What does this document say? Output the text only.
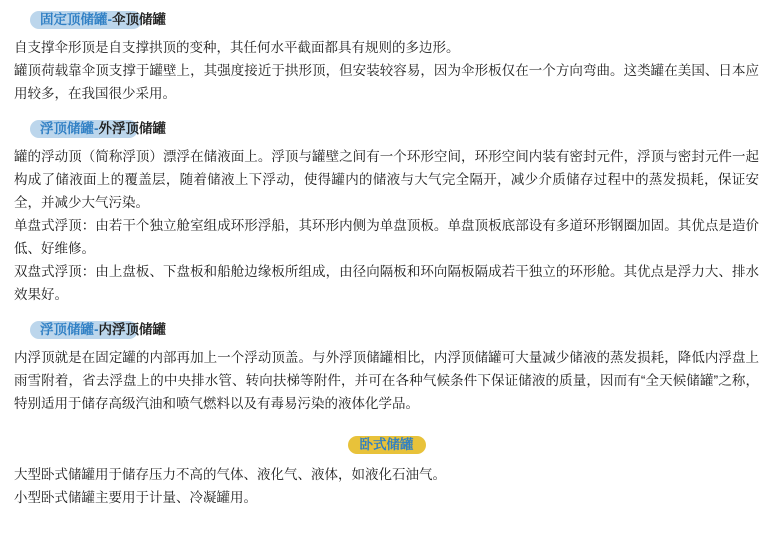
固定顶储罐-伞顶储罐

自支撑伞形顶是自支撑拱顶的变种，其任何水平截面都具有规则的多边形。

罐顶荷载靠伞顶支撑于罐壁上，其强度接近于拱形顶，但安装较容易，因为伞形板仅在一个方向弯曲。这类罐在美国、日本应用较多，在我国很少采用。

浮顶储罐-外浮顶储罐

罐的浮动顶（简称浮顶）漂浮在储液面上。浮顶与罐壁之间有一个环形空间，环形空间内装有密封元件，浮顶与密封元件一起构成了储液面上的覆盖层，随着储液上下浮动，使得罐内的储液与大气完全隔开，减少介质储存过程中的蒸发损耗，保证安全，并减少大气污染。

单盘式浮顶：由若干个独立舱室组成环形浮船，其环形内侧为单盘顶板。单盘顶板底部设有多道环形钢圈加固。其优点是造价低、好维修。

双盘式浮顶：由上盘板、下盘板和船舱边缘板所组成，由径向隔板和环向隔板隔成若干独立的环形舱。其优点是浮力大、排水效果好。

浮顶储罐-内浮顶储罐

内浮顶就是在固定罐的内部再加上一个浮动顶盖。与外浮顶储罐相比，内浮顶储罐可大量减少储液的蒸发损耗，降低内浮盘上雨雪附着，省去浮盘上的中央排水管、转向扶梯等附件，并可在各种气候条件下保证储液的质量，因而有“全天候储罐”之称，特别适用于储存高级汽油和喷气燃料以及有毒易污染的液体化学品。

卧式储罐

大型卧式储罐用于储存压力不高的气体、液化气、液体，如液化石油气。

小型卧式储罐主要用于计量、冷凝罐用。
